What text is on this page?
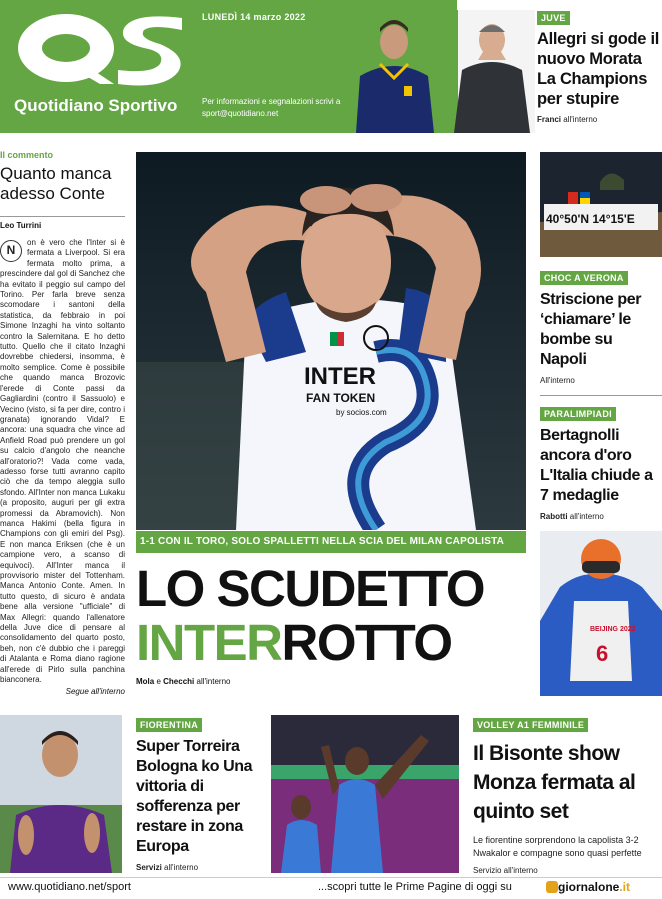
QS
Quotidiano Sportivo
LUNEDÌ 14 marzo 2022
Per informazioni e segnalazioni scrivi a sport@quotidiano.net
JUVE
Allegri si gode il nuovo Morata La Champions per stupire
Franci all'interno
Il commento
Quanto manca adesso Conte
Leo Turrini
N
on è vero che l'Inter si è fermata a Liverpool. Si era fermata molto prima, a prescindere dal gol di Sanchez che ha evitato il peggio sul campo del Torino. Per farla breve senza scomodare i santoni della statistica, da febbraio in poi Simone Inzaghi ha vinto soltanto contro la Salernitana. E ho detto tutto. Quello che il citato Inzaghi dovrebbe chiedersi, insomma, è molto semplice. Come è possibile che quando manca Brozovic l'erede di Conte passi da Gagliardini (contro il Sassuolo) e Vecino (visto, si fa per dire, contro i granata) ignorando Vidal? E ancora: una squadra che vince ad Anfield Road può prendere un gol su calcio d'angolo che neanche all'oratorio?! Vada come vada, adesso forse tutti avranno capito ciò che da tempo aleggia sullo sfondo. All'Inter non manca Lukaku (a proposito, auguri per gli extra promessi da Abramovich). Non manca Hakimi (bella figura in Champions con gli emiri del Psg). E non manca Eriksen (che è un campione vero, a scanso di equivoci). All'Inter manca il provvisorio mister del Tottenham. Manca Antonio Conte. Amen. In tutto questo, di sicuro è andata bene alla versione "ufficiale" di Max Allegri: quando l'allenatore della Juve dice di pensare al consolidamento del quarto posto, beh, non c'è dubbio che i pareggi di Atalanta e Roma diano ragione all'erede di Pirlo sulla panchina bianconera.
Segue all'interno
INTER
FAN TOKEN
by socios.com
1-1 CON IL TORO, SOLO SPALLETTI NELLA SCIA DEL MILAN CAPOLISTA
LO SCUDETTO
INTERROTTO
Mola e Checchi all'interno
40°50'N 14°15'E
CHOC A VERONA
Striscione per ‘chiamare’ le bombe su Napoli
All'interno
PARALIMPIADI
Bertagnolli ancora d'oro L'Italia chiude a 7 medaglie
Rabotti all'interno
BEIJING 2022
6
FIORENTINA
Super Torreira Bologna ko Una vittoria di sofferenza per restare in zona Europa
Servizi all'interno
VOLLEY A1 FEMMINILE
Il Bisonte show Monza fermata al quinto set
Le fiorentine sorprendono la capolista 3-2 Nwakalor e compagne sono quasi perfette
Servizio all'interno
www.quotidiano.net/sport	...scopri tutte le Prime Pagine di oggi su	giornalone.it
